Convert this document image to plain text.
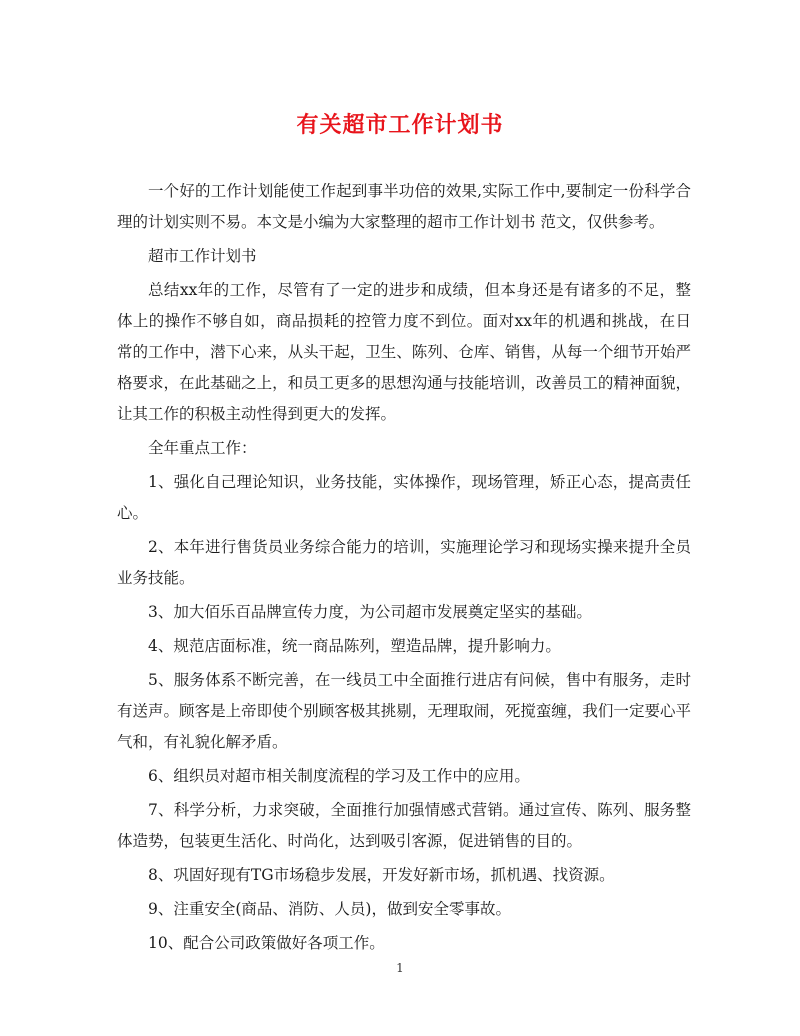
有关超市工作计划书

一个好的工作计划能使工作起到事半功倍的效果,实际工作中,要制定一份科学合理的计划实则不易。本文是小编为大家整理的超市工作计划书 范文，仅供参考。

超市工作计划书

总结xx年的工作，尽管有了一定的进步和成绩，但本身还是有诸多的不足，整体上的操作不够自如，商品损耗的控管力度不到位。面对xx年的机遇和挑战，在日常的工作中，潜下心来，从头干起，卫生、陈列、仓库、销售，从每一个细节开始严格要求，在此基础之上，和员工更多的思想沟通与技能培训，改善员工的精神面貌，让其工作的积极主动性得到更大的发挥。

全年重点工作：

1、强化自己理论知识，业务技能，实体操作，现场管理，矫正心态，提高责任心。

2、本年进行售货员业务综合能力的培训，实施理论学习和现场实操来提升全员业务技能。

3、加大佰乐百品牌宣传力度，为公司超市发展奠定坚实的基础。

4、规范店面标准，统一商品陈列，塑造品牌，提升影响力。

5、服务体系不断完善，在一线员工中全面推行进店有问候，售中有服务，走时有送声。顾客是上帝即使个别顾客极其挑剔，无理取闹，死搅蛮缠，我们一定要心平气和，有礼貌化解矛盾。

6、组织员对超市相关制度流程的学习及工作中的应用。

7、科学分析，力求突破，全面推行加强情感式营销。通过宣传、陈列、服务整体造势，包装更生活化、时尚化，达到吸引客源，促进销售的目的。

8、巩固好现有TG市场稳步发展，开发好新市场，抓机遇、找资源。

9、注重安全(商品、消防、人员)，做到安全零事故。

10、配合公司政策做好各项工作。

1
